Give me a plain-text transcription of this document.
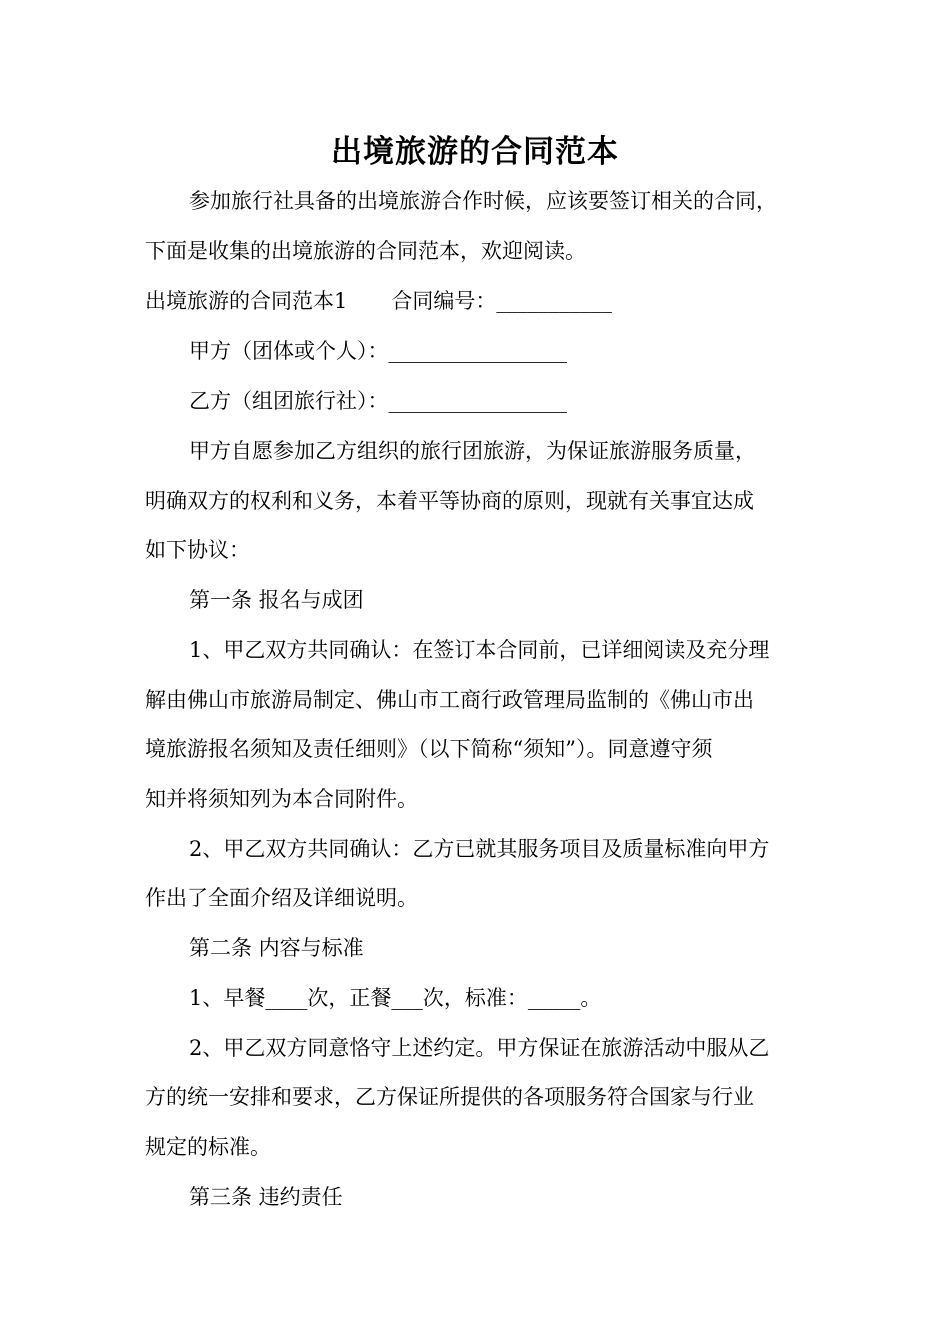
出境旅游的合同范本
参加旅行社具备的出境旅游合作时候，应该要签订相关的合同，
下面是收集的出境旅游的合同范本，欢迎阅读。
出境旅游的合同范本1 合同编号：___________
甲方（团体或个人）：_________________
乙方（组团旅行社）：_________________
甲方自愿参加乙方组织的旅行团旅游，为保证旅游服务质量，
明确双方的权利和义务，本着平等协商的原则，现就有关事宜达成
如下协议：
第一条 报名与成团
1、甲乙双方共同确认：在签订本合同前，已详细阅读及充分理
解由佛山市旅游局制定、佛山市工商行政管理局监制的《佛山市出
境旅游报名须知及责任细则》（以下简称“须知”）。同意遵守须
知并将须知列为本合同附件。
2、甲乙双方共同确认：乙方已就其服务项目及质量标准向甲方
作出了全面介绍及详细说明。
第二条 内容与标准
1、早餐____次，正餐___次，标准：_____。
2、甲乙双方同意恪守上述约定。甲方保证在旅游活动中服从乙
方的统一安排和要求，乙方保证所提供的各项服务符合国家与行业
规定的标准。
第三条 违约责任
